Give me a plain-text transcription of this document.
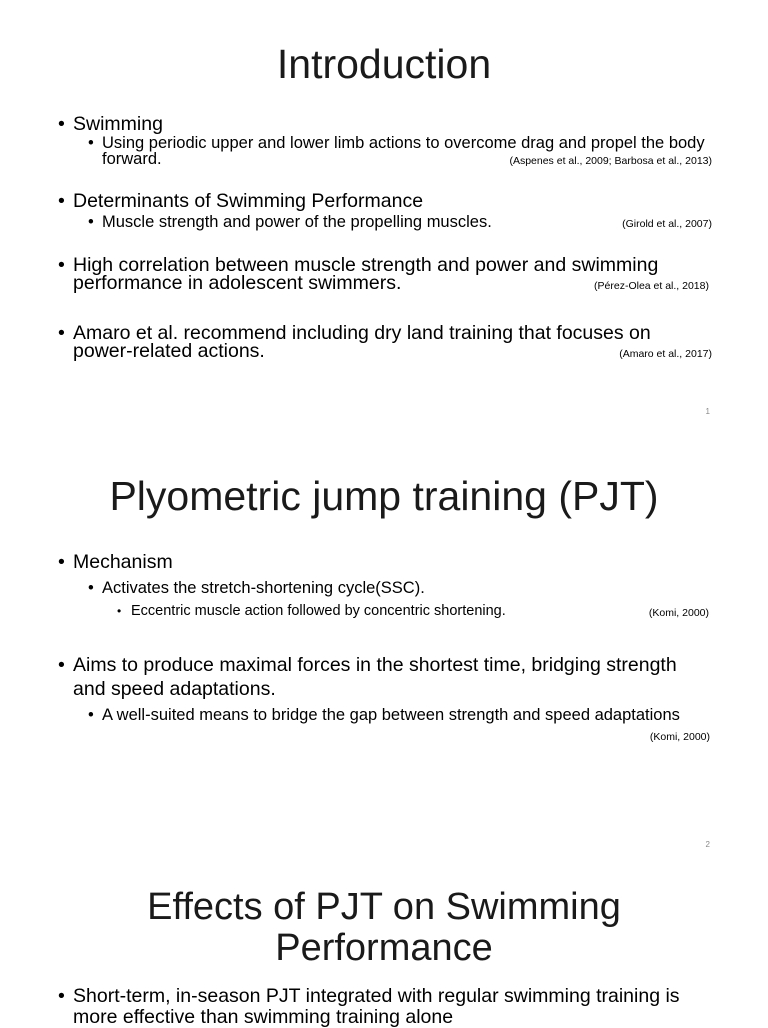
Introduction
• Swimming
• Using periodic upper and lower limb actions to overcome drag and propel the body forward.	(Aspenes et al., 2009; Barbosa et al., 2013)
• Determinants of Swimming Performance
• Muscle strength and power of the propelling muscles.	(Girold et al., 2007)
• High correlation between muscle strength and power and swimming performance in adolescent swimmers.	(Pérez-Olea et al., 2018)
• Amaro et al. recommend including dry land training that focuses on power-related actions.	(Amaro et al., 2017)
1
Plyometric jump training (PJT)
• Mechanism
• Activates the stretch-shortening cycle(SSC).
• Eccentric muscle action followed by concentric shortening.	(Komi, 2000)
• Aims to produce maximal forces in the shortest time, bridging strength and speed adaptations.
• A well-suited means to bridge the gap between strength and speed adaptations
(Komi, 2000)
2
Effects of PJT on Swimming Performance
• Short-term, in-season PJT integrated with regular swimming training is more effective than swimming training alone
